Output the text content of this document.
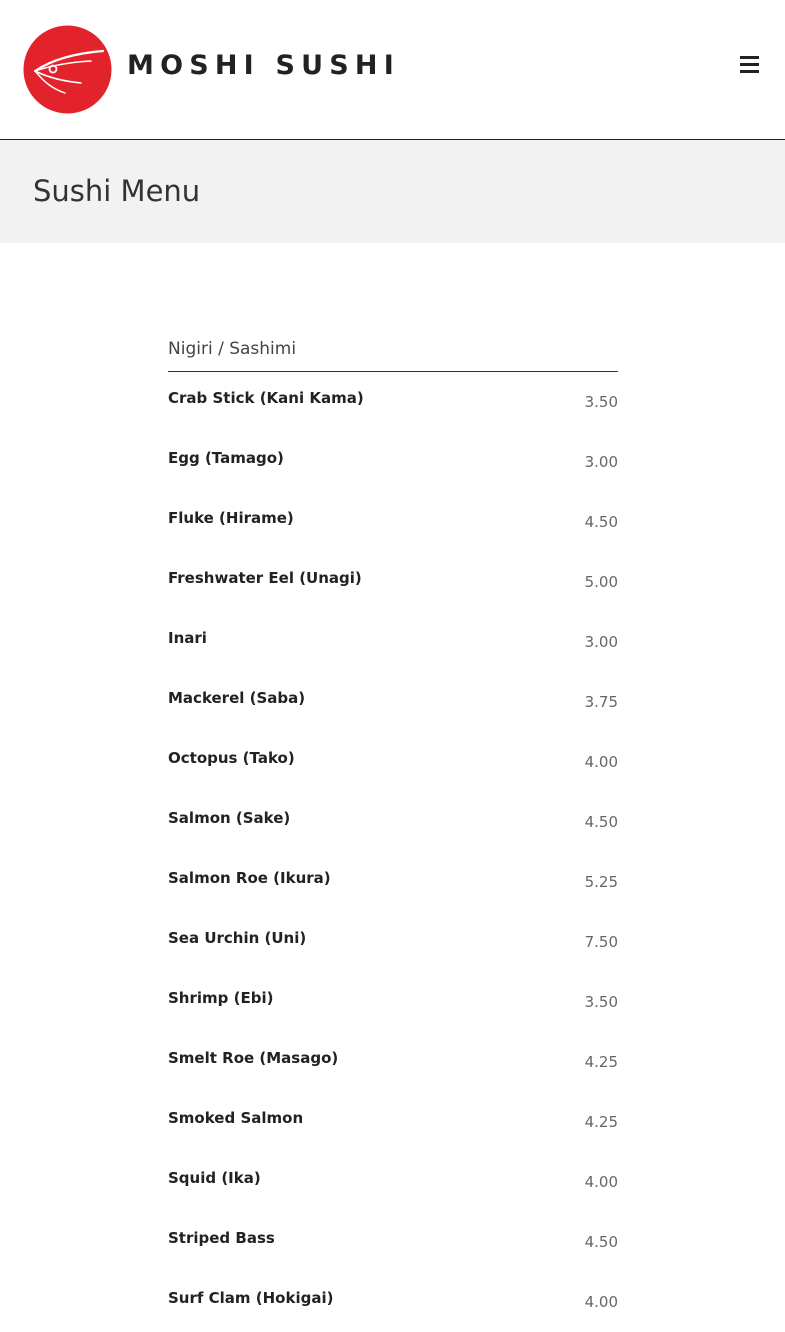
MOSHI SUSHI
Sushi Menu
Nigiri / Sashimi
Crab Stick (Kani Kama)	3.50
Egg (Tamago)	3.00
Fluke (Hirame)	4.50
Freshwater Eel (Unagi)	5.00
Inari	3.00
Mackerel (Saba)	3.75
Octopus (Tako)	4.00
Salmon (Sake)	4.50
Salmon Roe (Ikura)	5.25
Sea Urchin (Uni)	7.50
Shrimp (Ebi)	3.50
Smelt Roe (Masago)	4.25
Smoked Salmon	4.25
Squid (Ika)	4.00
Striped Bass	4.50
Surf Clam (Hokigai)	4.00
